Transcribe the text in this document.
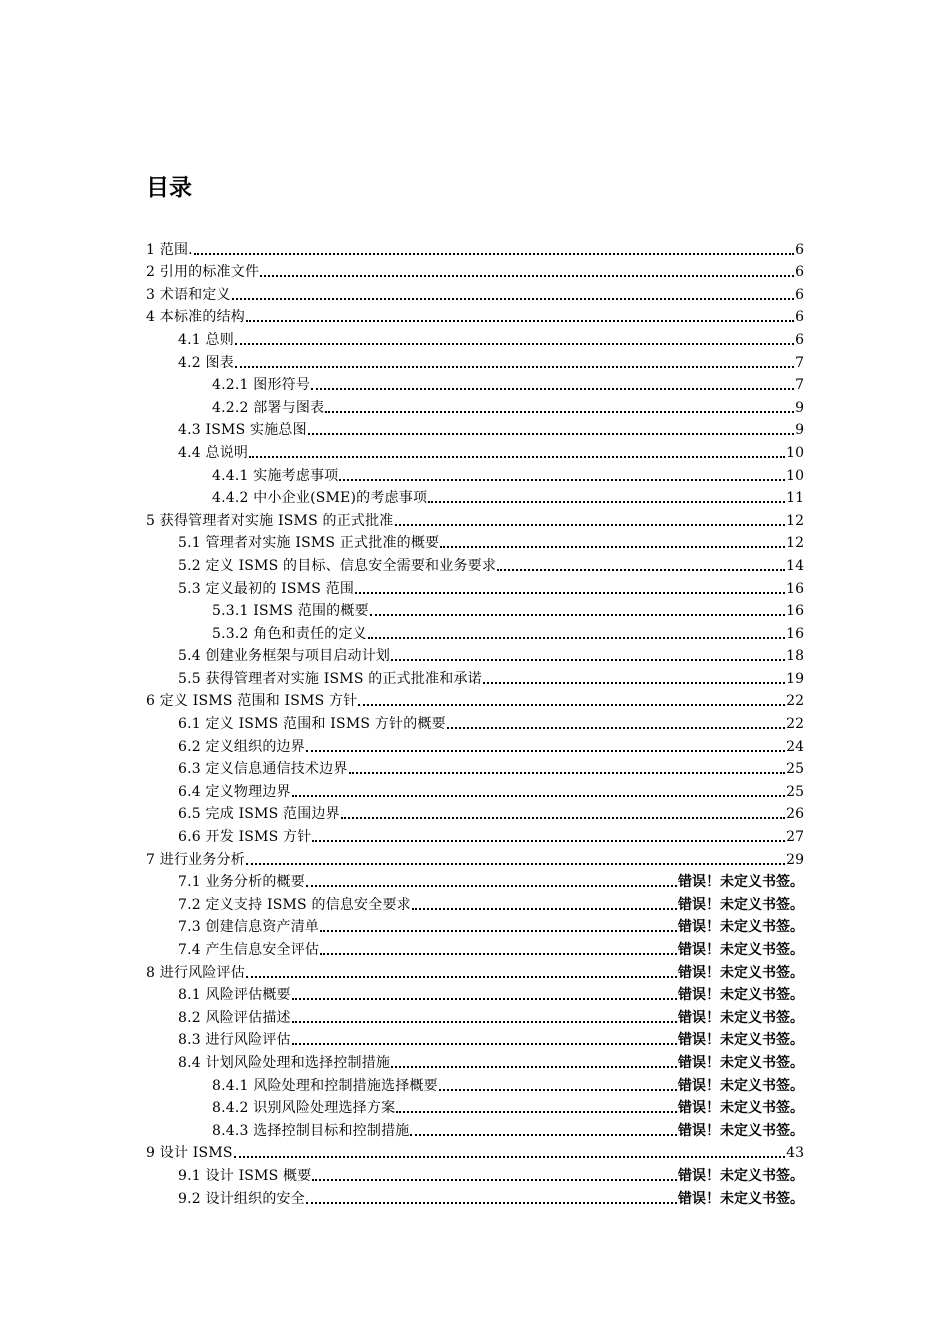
目录
1 范围.	6
2 引用的标准文件	6
3 术语和定义	6
4 本标准的结构	6
4.1 总则	6
4.2 图表	7
4.2.1 图形符号	7
4.2.2 部署与图表	9
4.3 ISMS 实施总图	9
4.4 总说明	10
4.4.1 实施考虑事项	10
4.4.2 中小企业(SME)的考虑事项	11
5 获得管理者对实施 ISMS 的正式批准	12
5.1 管理者对实施 ISMS 正式批准的概要	12
5.2 定义 ISMS 的目标、信息安全需要和业务要求	14
5.3 定义最初的 ISMS 范围	16
5.3.1 ISMS 范围的概要	16
5.3.2 角色和责任的定义	16
5.4 创建业务框架与项目启动计划	18
5.5 获得管理者对实施 ISMS 的正式批准和承诺	19
6 定义 ISMS 范围和 ISMS 方针	22
6.1 定义 ISMS 范围和 ISMS 方针的概要	22
6.2 定义组织的边界	24
6.3 定义信息通信技术边界	25
6.4 定义物理边界	25
6.5 完成 ISMS 范围边界	26
6.6 开发 ISMS 方针	27
7 进行业务分析	29
7.1 业务分析的概要	错误！未定义书签。
7.2 定义支持 ISMS 的信息安全要求	错误！未定义书签。
7.3 创建信息资产清单	错误！未定义书签。
7.4 产生信息安全评估	错误！未定义书签。
8 进行风险评估	错误！未定义书签。
8.1 风险评估概要	错误！未定义书签。
8.2 风险评估描述	错误！未定义书签。
8.3 进行风险评估	错误！未定义书签。
8.4 计划风险处理和选择控制措施	错误！未定义书签。
8.4.1 风险处理和控制措施选择概要	错误！未定义书签。
8.4.2 识别风险处理选择方案	错误！未定义书签。
8.4.3 选择控制目标和控制措施	错误！未定义书签。
9 设计 ISMS	43
9.1 设计 ISMS 概要	错误！未定义书签。
9.2 设计组织的安全	错误！未定义书签。
